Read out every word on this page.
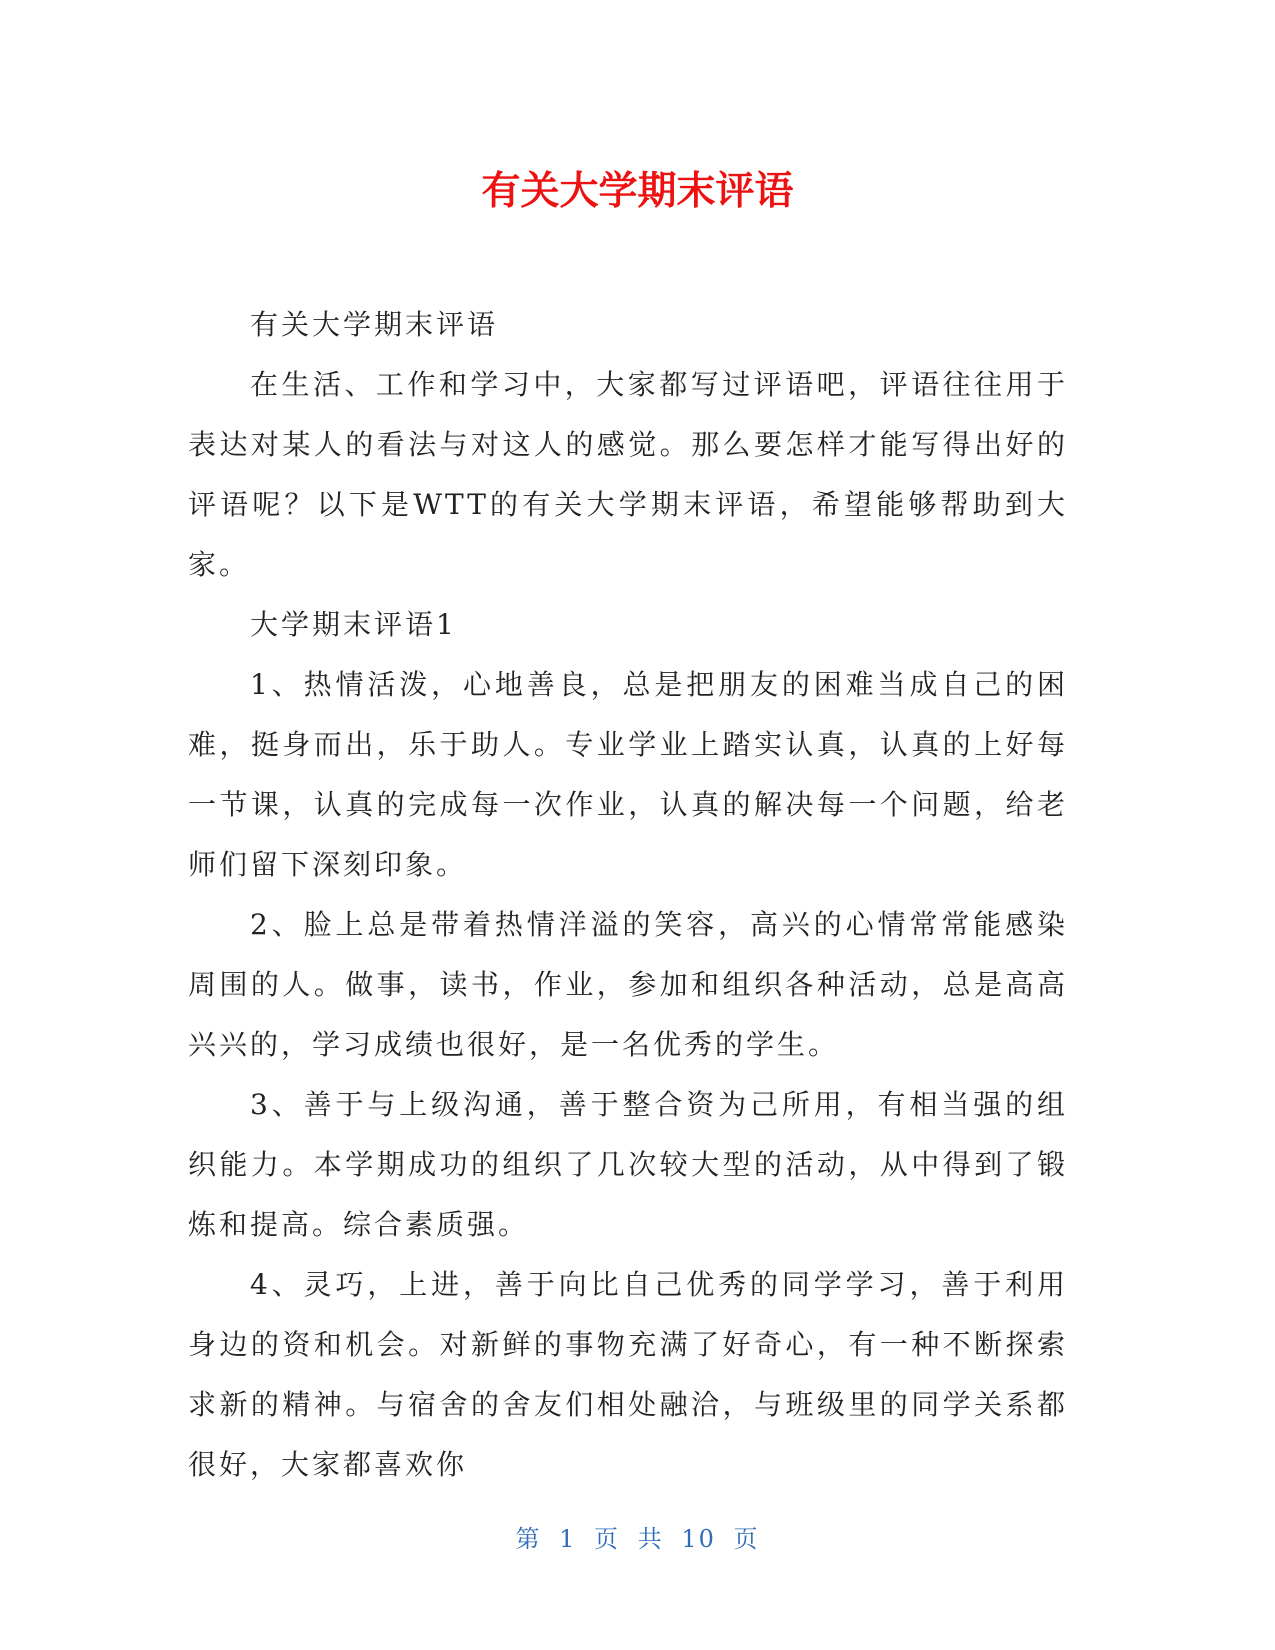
有关大学期末评语

有关大学期末评语

在生活、工作和学习中，大家都写过评语吧，评语往往用于表达对某人的看法与对这人的感觉。那么要怎样才能写得出好的评语呢？以下是WTT的有关大学期末评语，希望能够帮助到大家。

大学期末评语1

1、热情活泼，心地善良，总是把朋友的困难当成自己的困难，挺身而出，乐于助人。专业学业上踏实认真，认真的上好每一节课，认真的完成每一次作业，认真的解决每一个问题，给老师们留下深刻印象。

2、脸上总是带着热情洋溢的笑容，高兴的心情常常能感染周围的人。做事，读书，作业，参加和组织各种活动，总是高高兴兴的，学习成绩也很好，是一名优秀的学生。

3、善于与上级沟通，善于整合资为己所用，有相当强的组织能力。本学期成功的组织了几次较大型的活动，从中得到了锻炼和提高。综合素质强。

4、灵巧，上进，善于向比自己优秀的同学学习，善于利用身边的资和机会。对新鲜的事物充满了好奇心，有一种不断探索求新的精神。与宿舍的舍友们相处融洽，与班级里的同学关系都很好，大家都喜欢你

第 1 页 共 10 页
